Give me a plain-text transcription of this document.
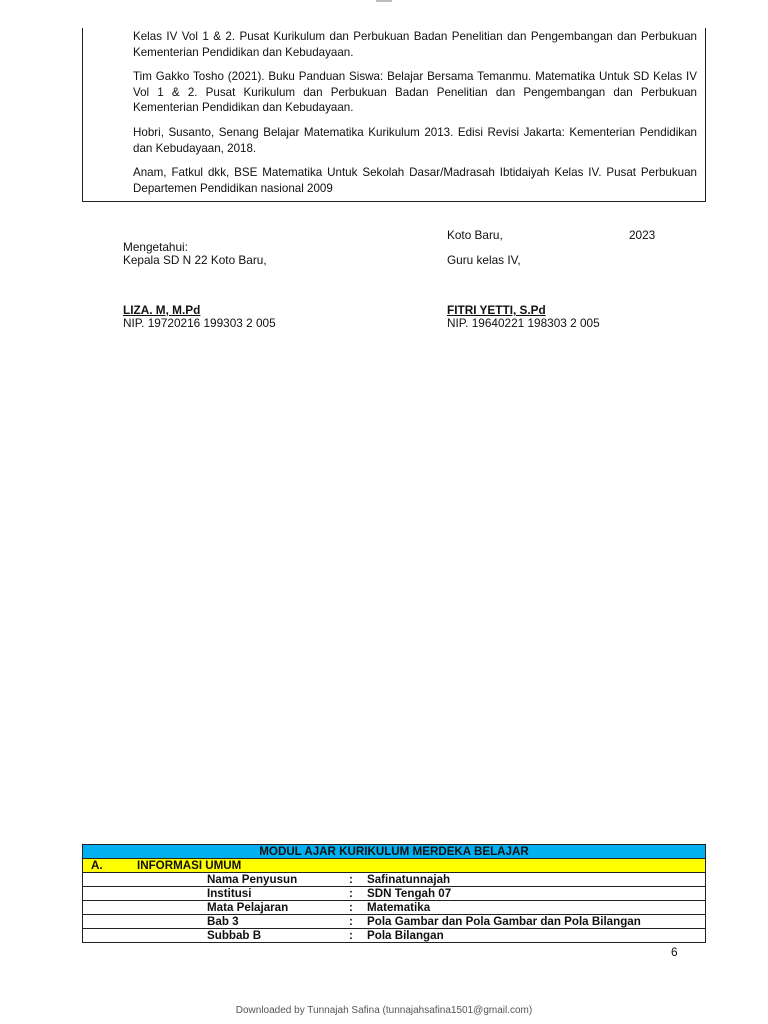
Kelas IV Vol 1 & 2. Pusat Kurikulum dan Perbukuan Badan Penelitian dan Pengembangan dan Perbukuan Kementerian Pendidikan dan Kebudayaan.

Tim Gakko Tosho (2021). Buku Panduan Siswa: Belajar Bersama Temanmu. Matematika Untuk SD Kelas IV Vol 1 & 2. Pusat Kurikulum dan Perbukuan Badan Penelitian dan Pengembangan dan Perbukuan Kementerian Pendidikan dan Kebudayaan.

Hobri, Susanto, Senang Belajar Matematika Kurikulum 2013. Edisi Revisi Jakarta: Kementerian Pendidikan dan Kebudayaan, 2018.

Anam, Fatkul dkk, BSE Matematika Untuk Sekolah Dasar/Madrasah Ibtidaiyah Kelas IV. Pusat Perbukuan Departemen Pendidikan nasional 2009

Koto Baru,	2023
Mengetahui:
Kepala SD N 22 Koto Baru,	Guru kelas IV,
LIZA. M, M.Pd
NIP. 19720216 199303 2 005
FITRI YETTI, S.Pd
NIP. 19640221 198303 2 005
MODUL AJAR KURIKULUM MERDEKA BELAJAR
A.	INFORMASI UMUM

Nama Penyusun	:	Safinatunnajah

Institusi	:	SDN Tengah 07

Mata Pelajaran	:	Matematika

Bab 3	:	Pola Gambar dan Pola Gambar dan Pola Bilangan

Subbab B	:	Pola Bilangan
6
Downloaded by Tunnajah Safina (tunnajahsafina1501@gmail.com)
